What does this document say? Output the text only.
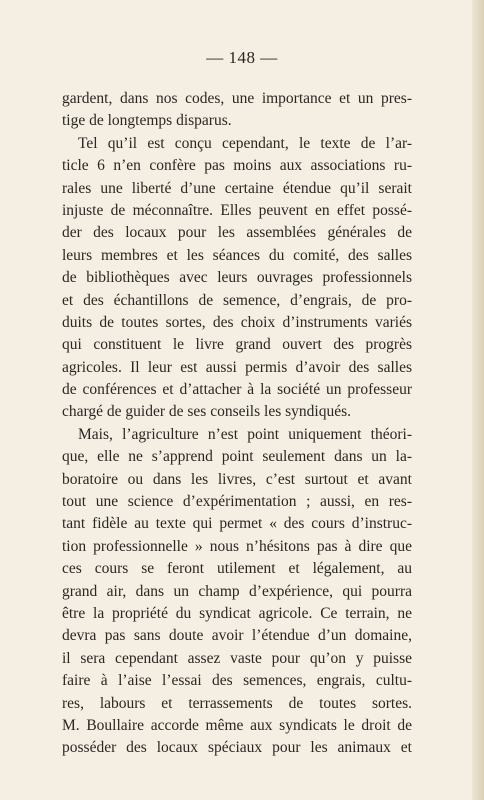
— 148 —
gardent, dans nos codes, une importance et un pres-
tige de longtemps disparus.
Tel qu’il est conçu cependant, le texte de l’ar-
ticle 6 n’en confère pas moins aux associations ru-
rales une liberté d’une certaine étendue qu’il serait
injuste de méconnaître. Elles peuvent en effet possé-
der des locaux pour les assemblées générales de
leurs membres et les séances du comité, des salles
de bibliothèques avec leurs ouvrages professionnels
et des échantillons de semence, d’engrais, de pro-
duits de toutes sortes, des choix d’instruments variés
qui constituent le livre grand ouvert des progrès
agricoles. Il leur est aussi permis d’avoir des salles
de conférences et d’attacher à la société un professeur
chargé de guider de ses conseils les syndiqués.
Mais, l’agriculture n’est point uniquement théori-
que, elle ne s’apprend point seulement dans un la-
boratoire ou dans les livres, c’est surtout et avant
tout une science d’expérimentation ; aussi, en res-
tant fidèle au texte qui permet « des cours d’instruc-
tion professionnelle » nous n’hésitons pas à dire que
ces cours se feront utilement et légalement, au
grand air, dans un champ d’expérience, qui pourra
être la propriété du syndicat agricole. Ce terrain, ne
devra pas sans doute avoir l’étendue d’un domaine,
il sera cependant assez vaste pour qu’on y puisse
faire à l’aise l’essai des semences, engrais, cultu-
res, labours et terrassements de toutes sortes.
M. Boullaire accorde même aux syndicats le droit de
posséder des locaux spéciaux pour les animaux et
